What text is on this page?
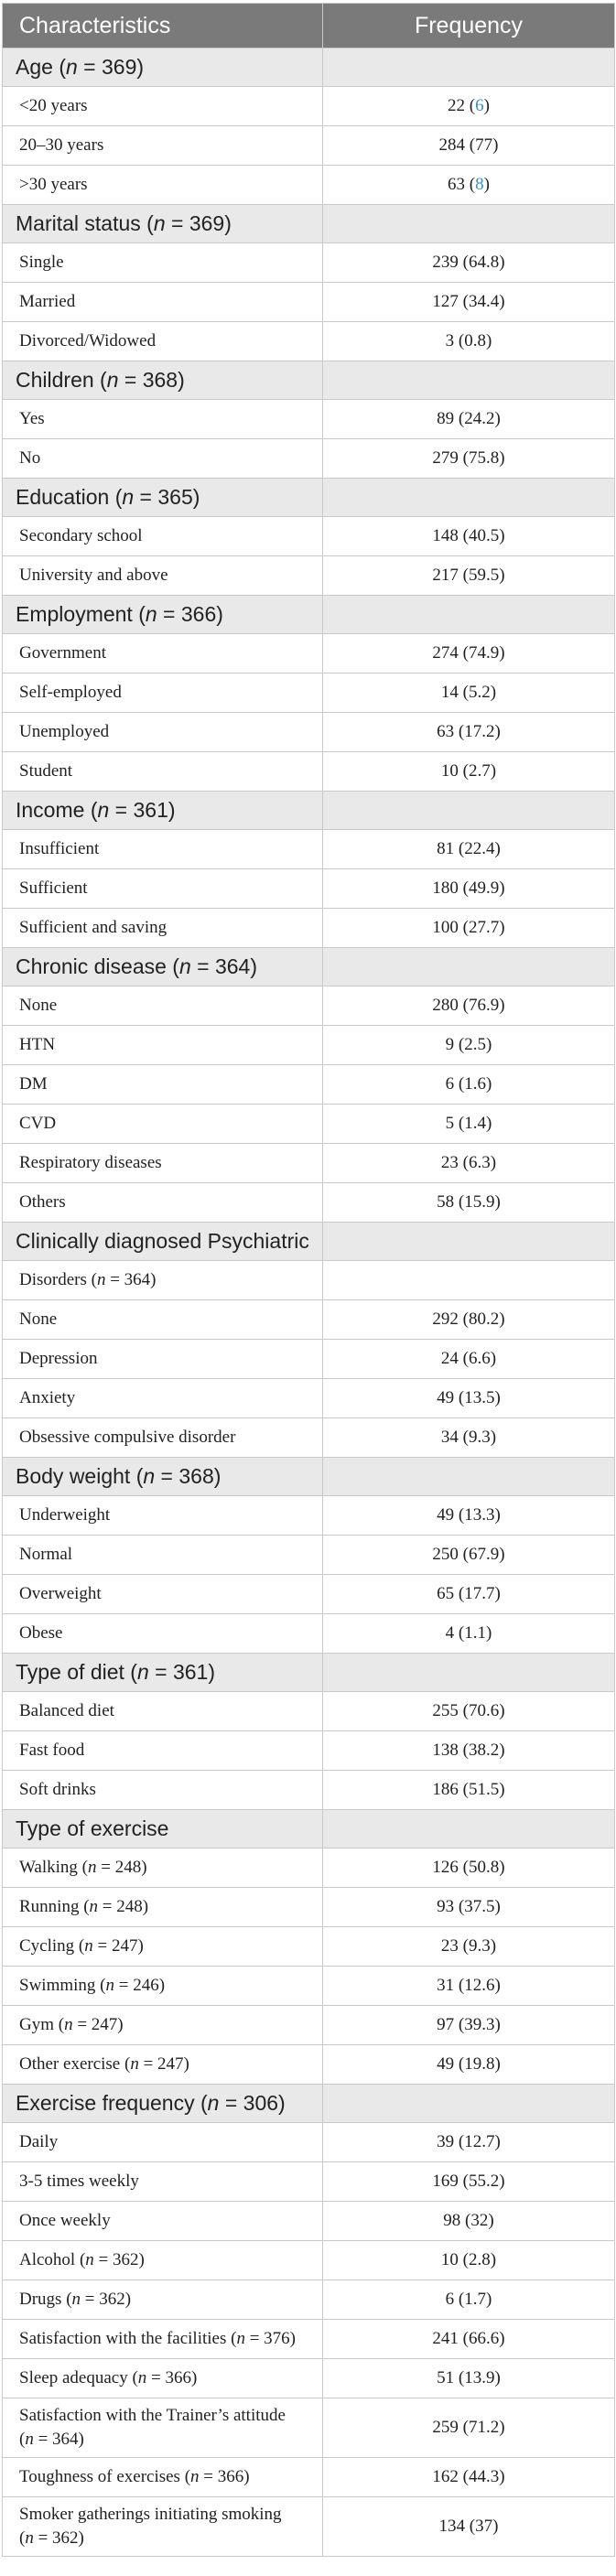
Characteristics	Frequency
Age (n = 369)	
<20 years	22 (6)
20–30 years	284 (77)
>30 years	63 (8)
Marital status (n = 369)	
Single	239 (64.8)
Married	127 (34.4)
Divorced/Widowed	3 (0.8)
Children (n = 368)	
Yes	89 (24.2)
No	279 (75.8)
Education (n = 365)	
Secondary school	148 (40.5)
University and above	217 (59.5)
Employment (n = 366)	
Government	274 (74.9)
Self-employed	14 (5.2)
Unemployed	63 (17.2)
Student	10 (2.7)
Income (n = 361)	
Insufficient	81 (22.4)
Sufficient	180 (49.9)
Sufficient and saving	100 (27.7)
Chronic disease (n = 364)	
None	280 (76.9)
HTN	9 (2.5)
DM	6 (1.6)
CVD	5 (1.4)
Respiratory diseases	23 (6.3)
Others	58 (15.9)
Clinically diagnosed Psychiatric	
Disorders (n = 364)	
None	292 (80.2)
Depression	24 (6.6)
Anxiety	49 (13.5)
Obsessive compulsive disorder	34 (9.3)
Body weight (n = 368)	
Underweight	49 (13.3)
Normal	250 (67.9)
Overweight	65 (17.7)
Obese	4 (1.1)
Type of diet (n = 361)	
Balanced diet	255 (70.6)
Fast food	138 (38.2)
Soft drinks	186 (51.5)
Type of exercise	
Walking (n = 248)	126 (50.8)
Running (n = 248)	93 (37.5)
Cycling (n = 247)	23 (9.3)
Swimming (n = 246)	31 (12.6)
Gym (n = 247)	97 (39.3)
Other exercise (n = 247)	49 (19.8)
Exercise frequency (n = 306)	
Daily	39 (12.7)
3-5 times weekly	169 (55.2)
Once weekly	98 (32)
Alcohol (n = 362)	10 (2.8)
Drugs (n = 362)	6 (1.7)
Satisfaction with the facilities (n = 376)	241 (66.6)
Sleep adequacy (n = 366)	51 (13.9)
Satisfaction with the Trainer’s attitude (n = 364)	259 (71.2)
Toughness of exercises (n = 366)	162 (44.3)
Smoker gatherings initiating smoking (n = 362)	134 (37)
